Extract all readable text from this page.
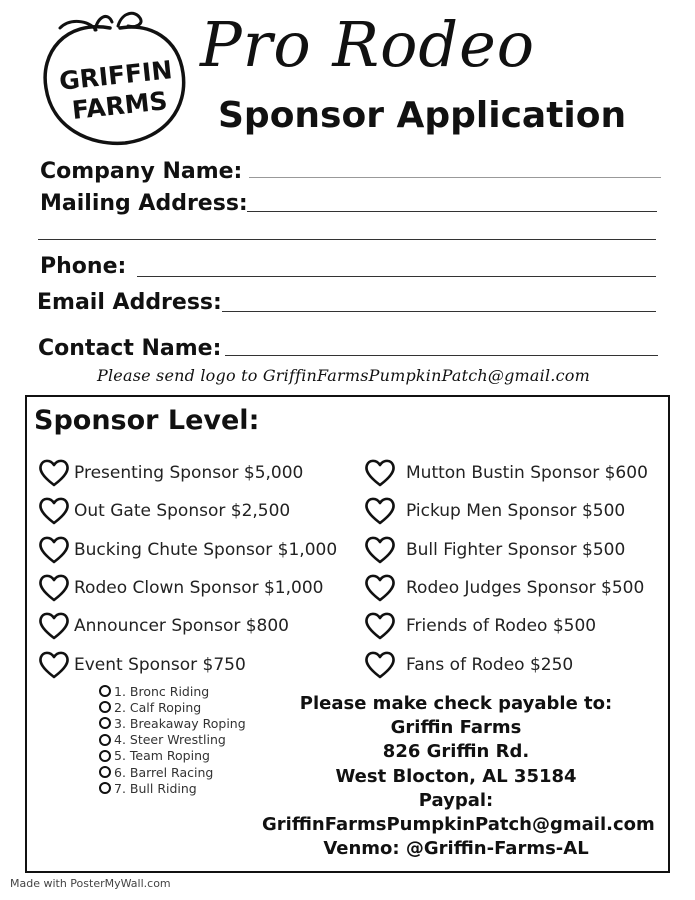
GRIFFIN
FARMS
Pro Rodeo
Sponsor Application
Company Name:
Mailing Address:
Phone:
Email Address:
Contact Name:
Please send logo to GriffinFarmsPumpkinPatch@gmail.com
Sponsor Level:
Presenting Sponsor $5,000
Out Gate Sponsor $2,500
Bucking Chute Sponsor $1,000
Rodeo Clown Sponsor $1,000
Announcer Sponsor $800
Event Sponsor $750
Mutton Bustin Sponsor $600
Pickup Men Sponsor $500
Bull Fighter Sponsor $500
Rodeo Judges Sponsor $500
Friends of Rodeo $500
Fans of Rodeo $250
1. Bronc Riding
2. Calf Roping
3. Breakaway Roping
4. Steer Wrestling
5. Team Roping
6. Barrel Racing
7. Bull Riding
Please make check payable to:
Griffin Farms
826 Griffin Rd.
West Blocton, AL 35184
Paypal:
GriffinFarmsPumpkinPatch@gmail.com
Venmo: @Griffin-Farms-AL
Made with PosterMyWall.com
